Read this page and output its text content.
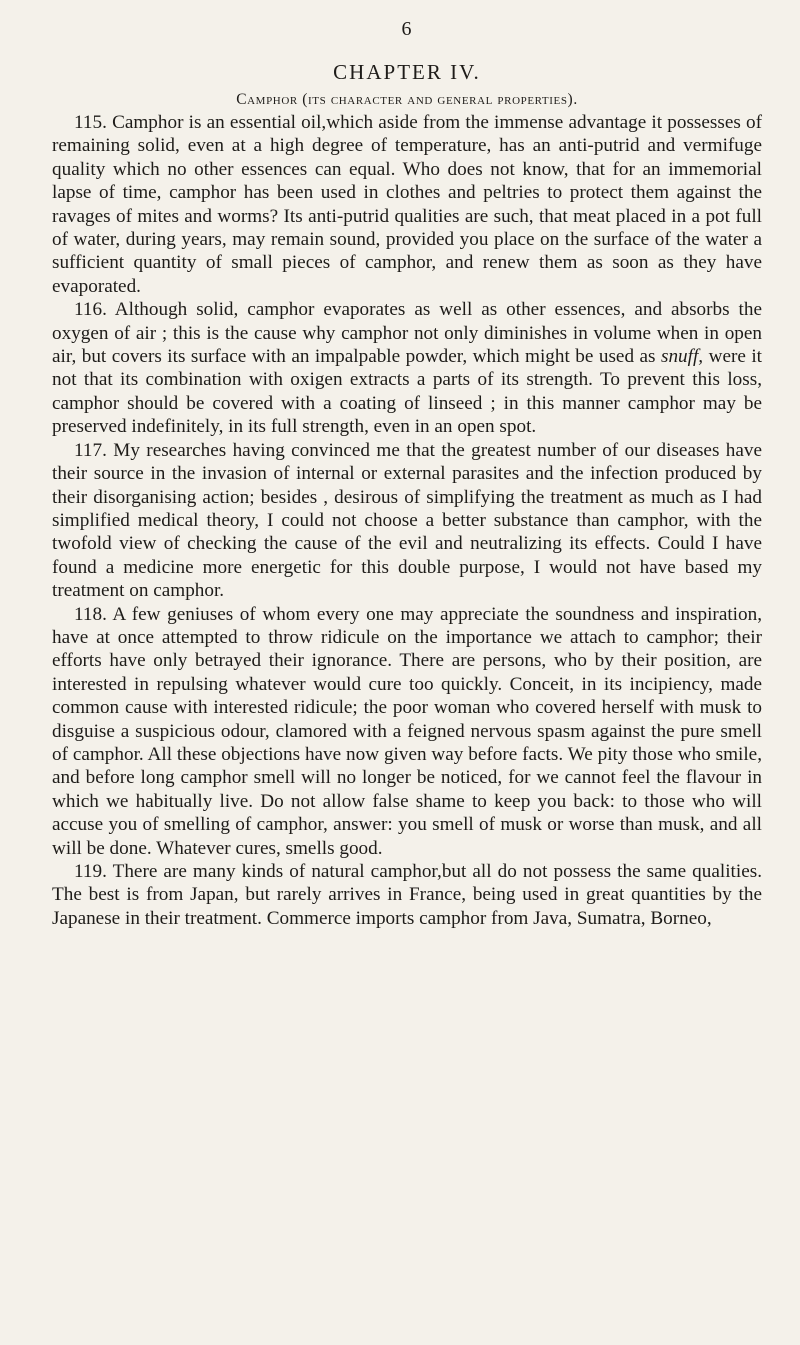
6
CHAPTER IV.
Camphor (its character and general properties).

115. Camphor is an essential oil,which aside from the immense advantage it possesses of remaining solid, even at a high degree of temperature, has an anti-putrid and vermifuge quality which no other essences can equal. Who does not know, that for an immemorial lapse of time, camphor has been used in clothes and peltries to protect them against the ravages of mites and worms? Its anti-putrid qualities are such, that meat placed in a pot full of water, during years, may remain sound, provided you place on the surface of the water a sufficient quantity of small pieces of camphor, and renew them as soon as they have evaporated.

116. Although solid, camphor evaporates as well as other essences, and absorbs the oxygen of air ; this is the cause why camphor not only diminishes in volume when in open air, but covers its surface with an impalpable powder, which might be used as snuff, were it not that its combination with oxigen extracts a parts of its strength. To prevent this loss, camphor should be covered with a coating of linseed ; in this manner camphor may be preserved indefinitely, in its full strength, even in an open spot.

117. My researches having convinced me that the greatest number of our diseases have their source in the invasion of internal or external parasites and the infection produced by their disorganising action; besides , desirous of simplifying the treatment as much as I had simplified medical theory, I could not choose a better substance than camphor, with the twofold view of checking the cause of the evil and neutralizing its effects. Could I have found a medicine more energetic for this double purpose, I would not have based my treatment on camphor.

118. A few geniuses of whom every one may appreciate the soundness and inspiration, have at once attempted to throw ridicule on the importance we attach to camphor; their efforts have only betrayed their ignorance. There are persons, who by their position, are interested in repulsing whatever would cure too quickly. Conceit, in its incipiency, made common cause with interested ridicule; the poor woman who covered herself with musk to disguise a suspicious odour, clamored with a feigned nervous spasm against the pure smell of camphor. All these objections have now given way before facts. We pity those who smile, and before long camphor smell will no longer be noticed, for we cannot feel the flavour in which we habitually live. Do not allow false shame to keep you back: to those who will accuse you of smelling of camphor, answer: you smell of musk or worse than musk, and all will be done. Whatever cures, smells good.

119. There are many kinds of natural camphor,but all do not possess the same qualities. The best is from Japan, but rarely arrives in France, being used in great quantities by the Japanese in their treatment. Commerce imports camphor from Java, Sumatra, Borneo,
